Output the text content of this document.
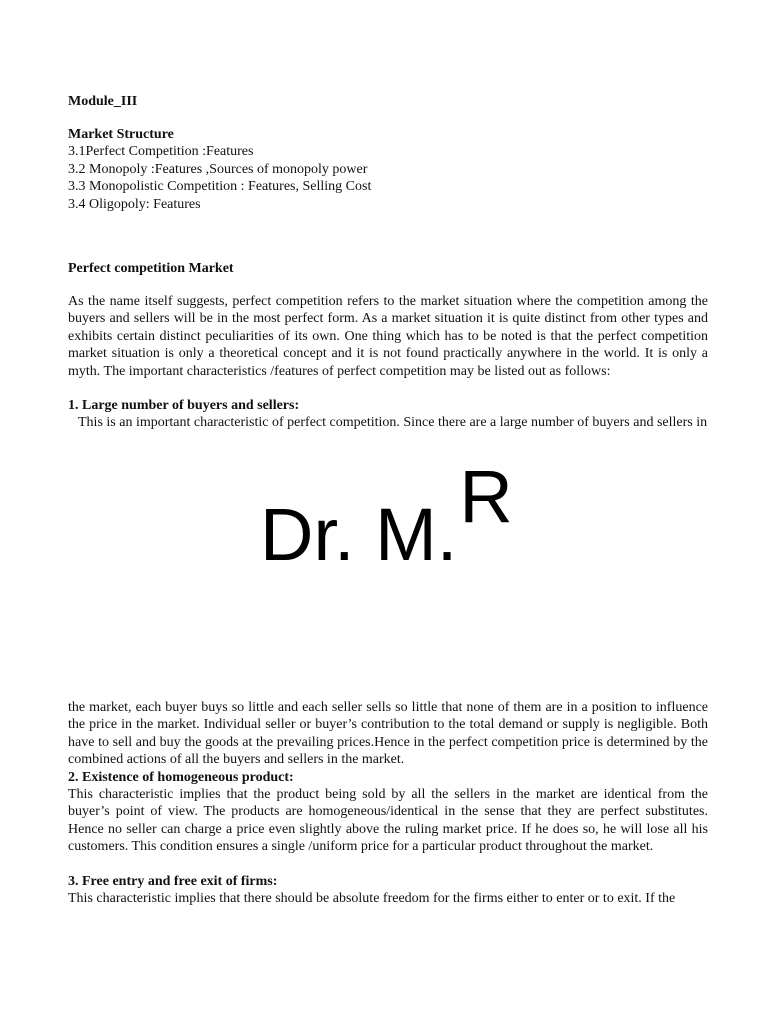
Module_III
Market Structure
3.1Perfect Competition :Features
3.2 Monopoly :Features ,Sources of monopoly power
3.3 Monopolistic Competition : Features, Selling Cost
3.4 Oligopoly: Features
Perfect competition Market

As the name itself suggests, perfect competition refers to the market situation where the competition among the buyers and sellers will be in the most perfect form. As a market situation it is quite distinct from other types and exhibits certain distinct peculiarities of its own. One thing which has to be noted is that the perfect competition market situation is only a theoretical concept and it is not found practically anywhere in the world. It is only a myth. The important characteristics /features of perfect competition may be listed out as follows:

1. Large number of buyers and sellers:
This is an important characteristic of perfect competition. Since there are a large number of buyers and sellers in
Dr. M.R

the market, each buyer buys so little and each seller sells so little that none of them are in a position to influence the price in the market. Individual seller or buyer’s contribution to the total demand or supply is negligible. Both have to sell and buy the goods at the prevailing prices.Hence in the perfect competition price is determined by the combined actions of all the buyers and sellers in the market.

2. Existence of homogeneous product:

This characteristic implies that the product being sold by all the sellers in the market are identical from the buyer’s point of view. The products are homogeneous/identical in the sense that they are perfect substitutes. Hence no seller can charge a price even slightly above the ruling market price. If he does so, he will lose all his customers. This condition ensures a single /uniform price for a particular product throughout the market.

3. Free entry and free exit of firms:
This characteristic implies that there should be absolute freedom for the firms either to enter or to exit. If the
